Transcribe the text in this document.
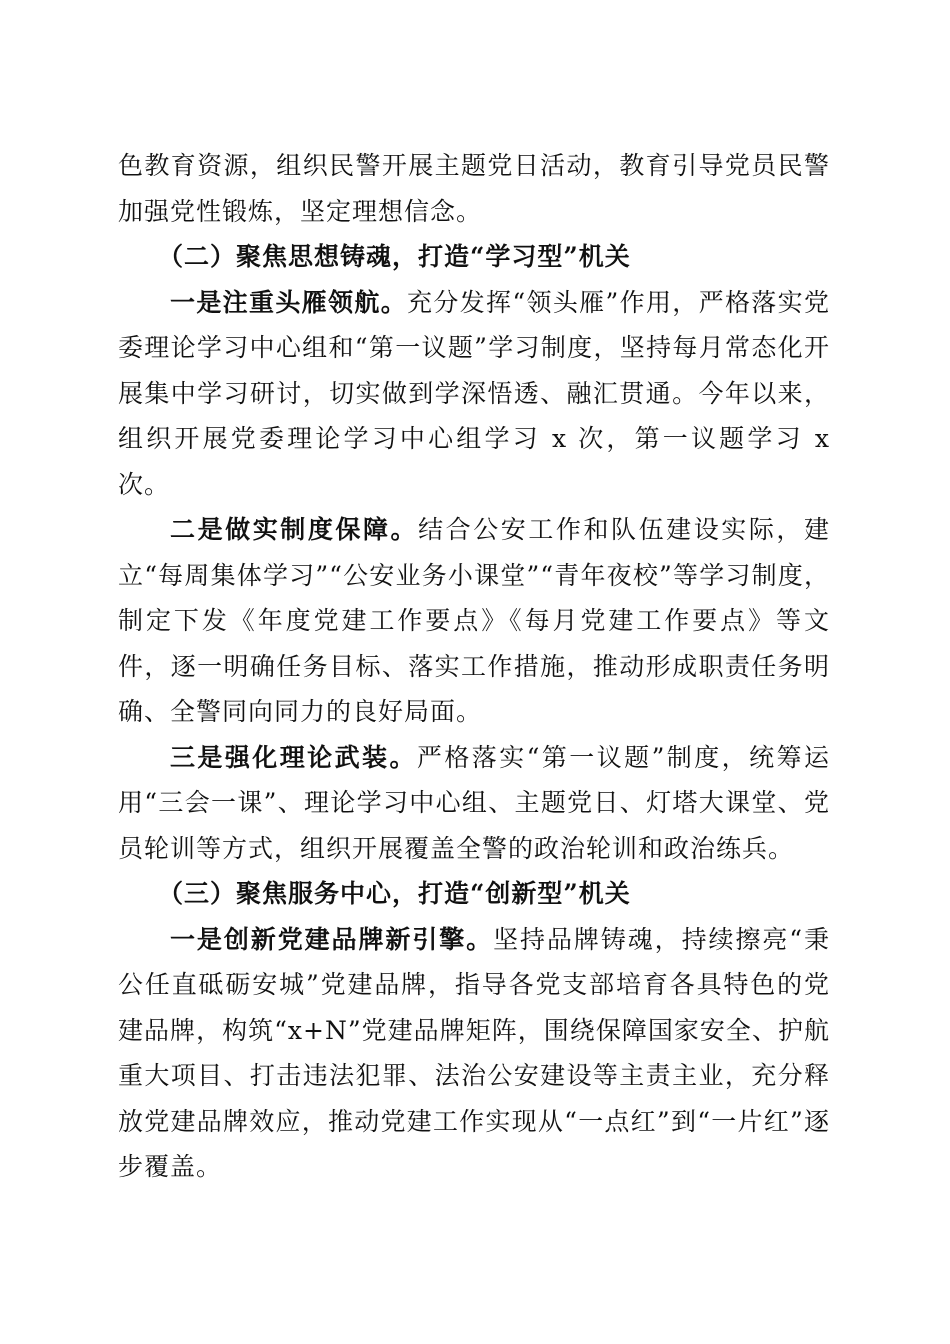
色教育资源，组织民警开展主题党日活动，教育引导党员民警加强党性锻炼，坚定理想信念。

（二）聚焦思想铸魂，打造“学习型”机关

一是注重头雁领航。充分发挥“领头雁”作用，严格落实党委理论学习中心组和“第一议题”学习制度，坚持每月常态化开展集中学习研讨，切实做到学深悟透、融汇贯通。今年以来，组织开展党委理论学习中心组学习 x 次，第一议题学习 x 次。

二是做实制度保障。结合公安工作和队伍建设实际，建立“每周集体学习”“公安业务小课堂”“青年夜校”等学习制度，制定下发《年度党建工作要点》《每月党建工作要点》等文件，逐一明确任务目标、落实工作措施，推动形成职责任务明确、全警同向同力的良好局面。

三是强化理论武装。严格落实“第一议题”制度，统筹运用“三会一课”、理论学习中心组、主题党日、灯塔大课堂、党员轮训等方式，组织开展覆盖全警的政治轮训和政治练兵。

（三）聚焦服务中心，打造“创新型”机关

一是创新党建品牌新引擎。坚持品牌铸魂，持续擦亮“秉公任直砥砺安城”党建品牌，指导各党支部培育各具特色的党建品牌，构筑“x+N”党建品牌矩阵，围绕保障国家安全、护航重大项目、打击违法犯罪、法治公安建设等主责主业，充分释放党建品牌效应，推动党建工作实现从“一点红”到“一片红”逐步覆盖。
